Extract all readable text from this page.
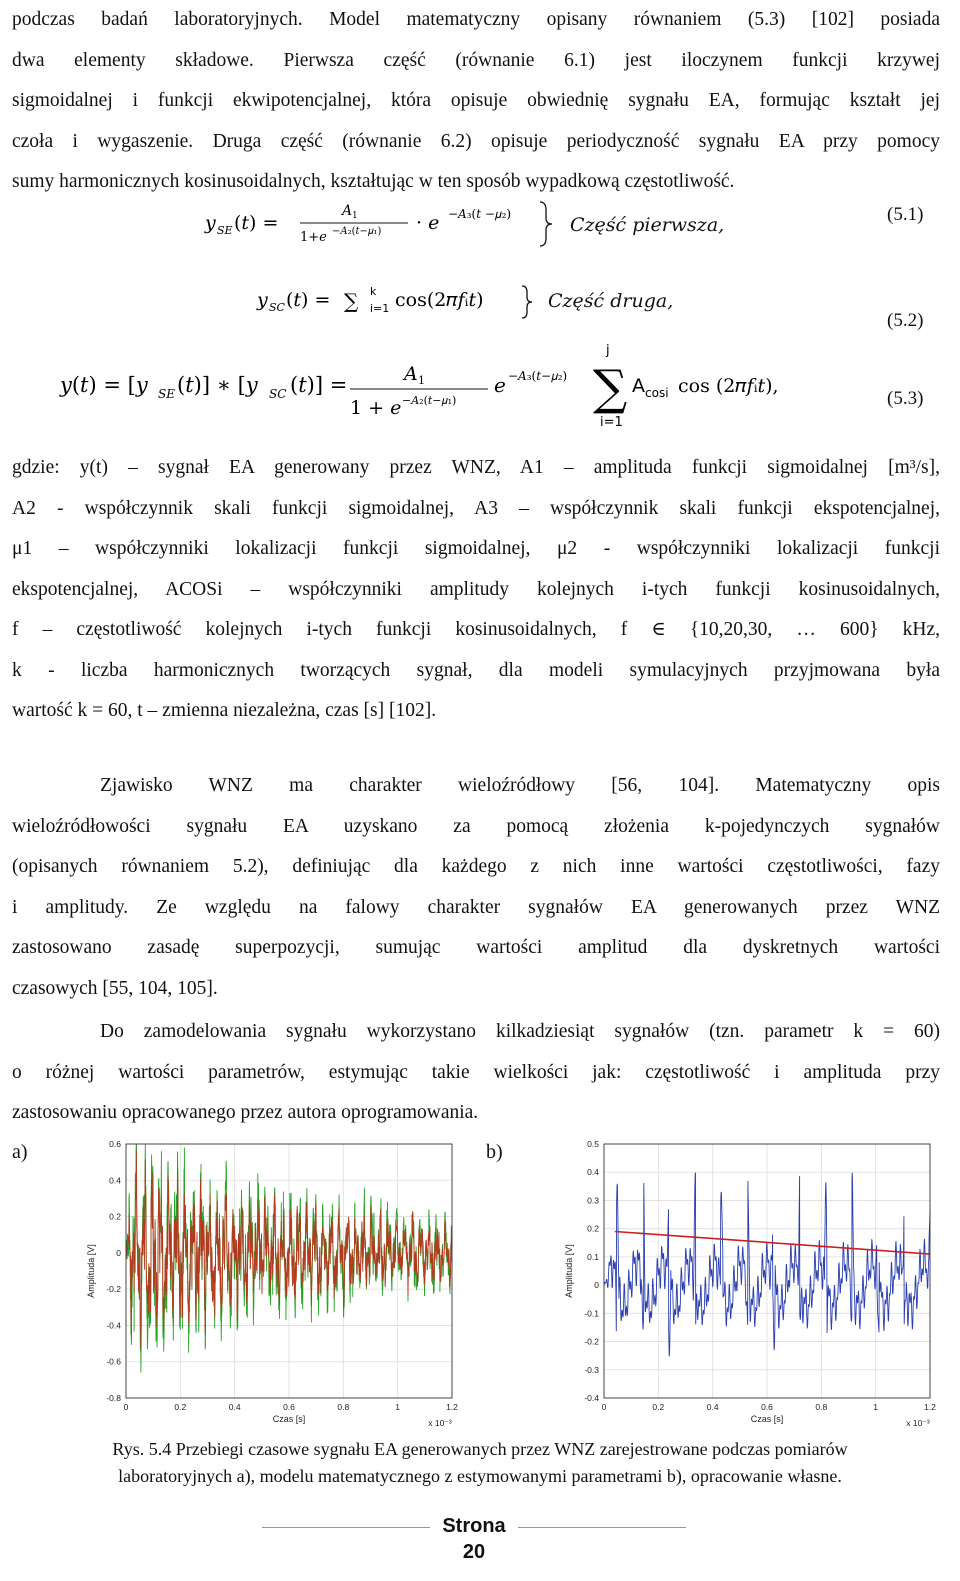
podczas badań laboratoryjnych. Model matematyczny opisany równaniem (5.3) [102] posiada
dwa elementy składowe. Pierwsza część (równanie 6.1) jest iloczynem funkcji krzywej
sigmoidalnej i funkcji ekwipotencjalnej, która opisuje obwiednię sygnału EA, formując kształt jej
czoła i wygaszenie. Druga część (równanie 6.2) opisuje periodyczność sygnału EA przy pomocy
sumy harmonicznych kosinusoidalnych, kształtując w ten sposób wypadkową częstotliwość.
y SE (𝑡) =
A 1
1+𝑒 −𝐴₂(𝑡−𝜇₁) · 𝑒 −𝐴₃(𝑡 −𝜇₂)	Część pierwsza,	(5.1)
y SC (𝑡) = ∑ k
i=1 cos(2𝜋𝑓ᵢ𝑡)	Część druga,
(5.2)
𝑦(𝑡) = [𝑦 SE (𝑡)] ∗ [𝑦 SC (𝑡)] =	A 1
1 + 𝑒 −𝐴₂(𝑡−𝜇₁)
𝑒 −𝐴₃(𝑡−𝜇₂) ∑
j
i=1
A cosi cos (2𝜋𝑓ᵢ𝑡),
(5.3)
gdzie: y(t) – sygnał EA generowany przez WNZ, A1 – amplituda funkcji sigmoidalnej [m³/s],
A2 - współczynnik skali funkcji sigmoidalnej, A3 – współczynnik skali funkcji ekspotencjalnej,
μ1 – współczynniki lokalizacji funkcji sigmoidalnej, μ2 - współczynniki lokalizacji funkcji
ekspotencjalnej, ACOSi – współczynniki amplitudy kolejnych i-tych funkcji kosinusoidalnych,
f – częstotliwość kolejnych i-tych funkcji kosinusoidalnych, f ∈ {10,20,30, … 600} kHz,
k - liczba harmonicznych tworzących sygnał, dla modeli symulacyjnych przyjmowana była
wartość k = 60, t – zmienna niezależna, czas [s] [102].
Zjawisko WNZ ma charakter wieloźródłowy [56, 104]. Matematyczny opis
wieloźródłowości sygnału EA uzyskano za pomocą złożenia k-pojedynczych sygnałów
(opisanych równaniem 5.2), definiując dla każdego z nich inne wartości częstotliwości, fazy
i amplitudy. Ze względu na falowy charakter sygnałów EA generowanych przez WNZ
zastosowano zasadę superpozycji, sumując wartości amplitud dla dyskretnych wartości
czasowych [55, 104, 105].
Do zamodelowania sygnału wykorzystano kilkadziesiąt sygnałów (tzn. parametr k = 60)
o różnej wartości parametrów, estymując takie wielkości jak: częstotliwość i amplituda przy
zastosowaniu opracowanego przez autora oprogramowania.
a)	b)
0	0.2	0.4	0.6	0.8	1	1.2
-0.8
-0.6
-0.4
-0.2
0
0.2
0.4
0.6
Czas [s]
Amplituda [V]
x 10⁻³
0	0.2	0.4	0.6	0.8	1	1.2
-0.4
-0.3
-0.2
-0.1
0
0.1
0.2
0.3
0.4
0.5
Czas [s]
Amplituda [V]
x 10⁻³
Rys. 5.4 Przebiegi czasowe sygnału EA generowanych przez WNZ zarejestrowane podczas pomiarów
laboratoryjnych a), modelu matematycznego z estymowanymi parametrami b), opracowanie własne.
Strona
20
